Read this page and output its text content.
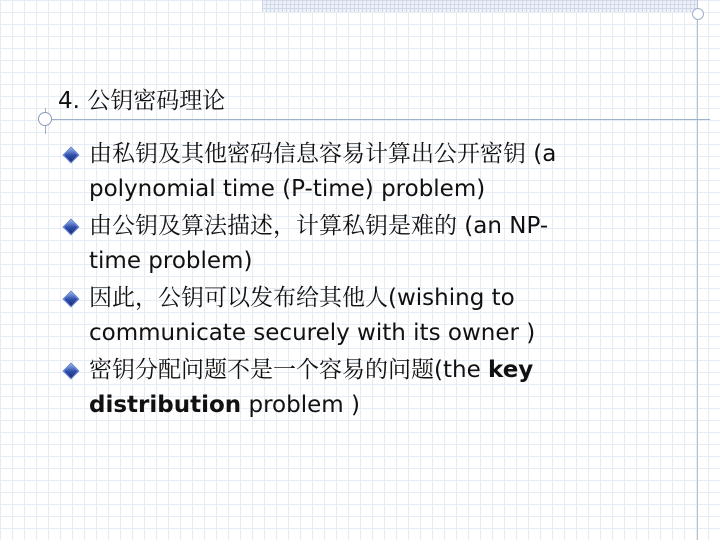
4. 公钥密码理论
由私钥及其他密码信息容易计算出公开密钥 (a
polynomial time (P-time) problem)
由公钥及算法描述，计算私钥是难的 (an NP-
time problem)
因此，公钥可以发布给其他人(wishing to
communicate securely with its owner )
密钥分配问题不是一个容易的问题(the key
distribution problem )
